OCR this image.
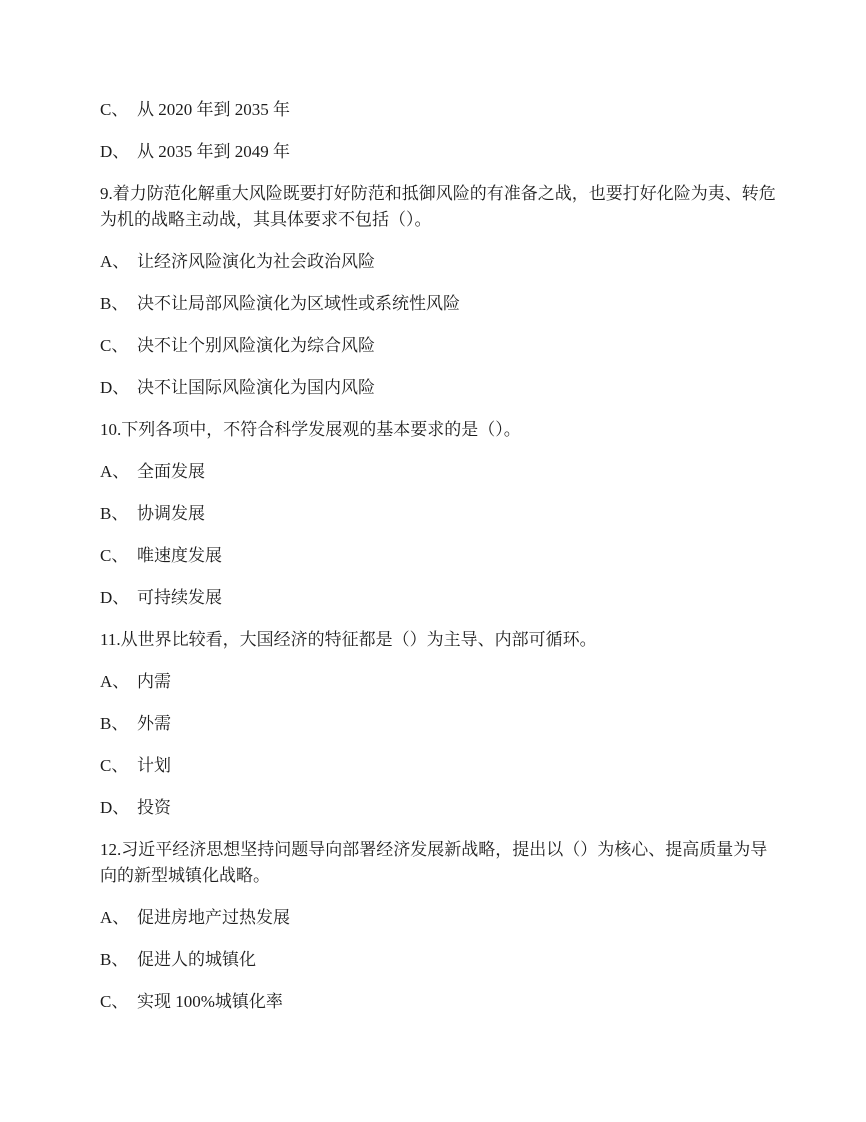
C、 从 2020 年到 2035 年
D、 从 2035 年到 2049 年

9.着力防范化解重大风险既要打好防范和抵御风险的有准备之战，也要打好化险为夷、转危为机的战略主动战，其具体要求不包括（）。

A、 让经济风险演化为社会政治风险
B、 决不让局部风险演化为区域性或系统性风险
C、 决不让个别风险演化为综合风险
D、 决不让国际风险演化为国内风险

10.下列各项中，不符合科学发展观的基本要求的是（）。

A、 全面发展
B、 协调发展
C、 唯速度发展
D、 可持续发展

11.从世界比较看，大国经济的特征都是（）为主导、内部可循环。

A、 内需
B、 外需
C、 计划
D、 投资

12.习近平经济思想坚持问题导向部署经济发展新战略，提出以（）为核心、提高质量为导向的新型城镇化战略。

A、 促进房地产过热发展
B、 促进人的城镇化
C、 实现 100%城镇化率
